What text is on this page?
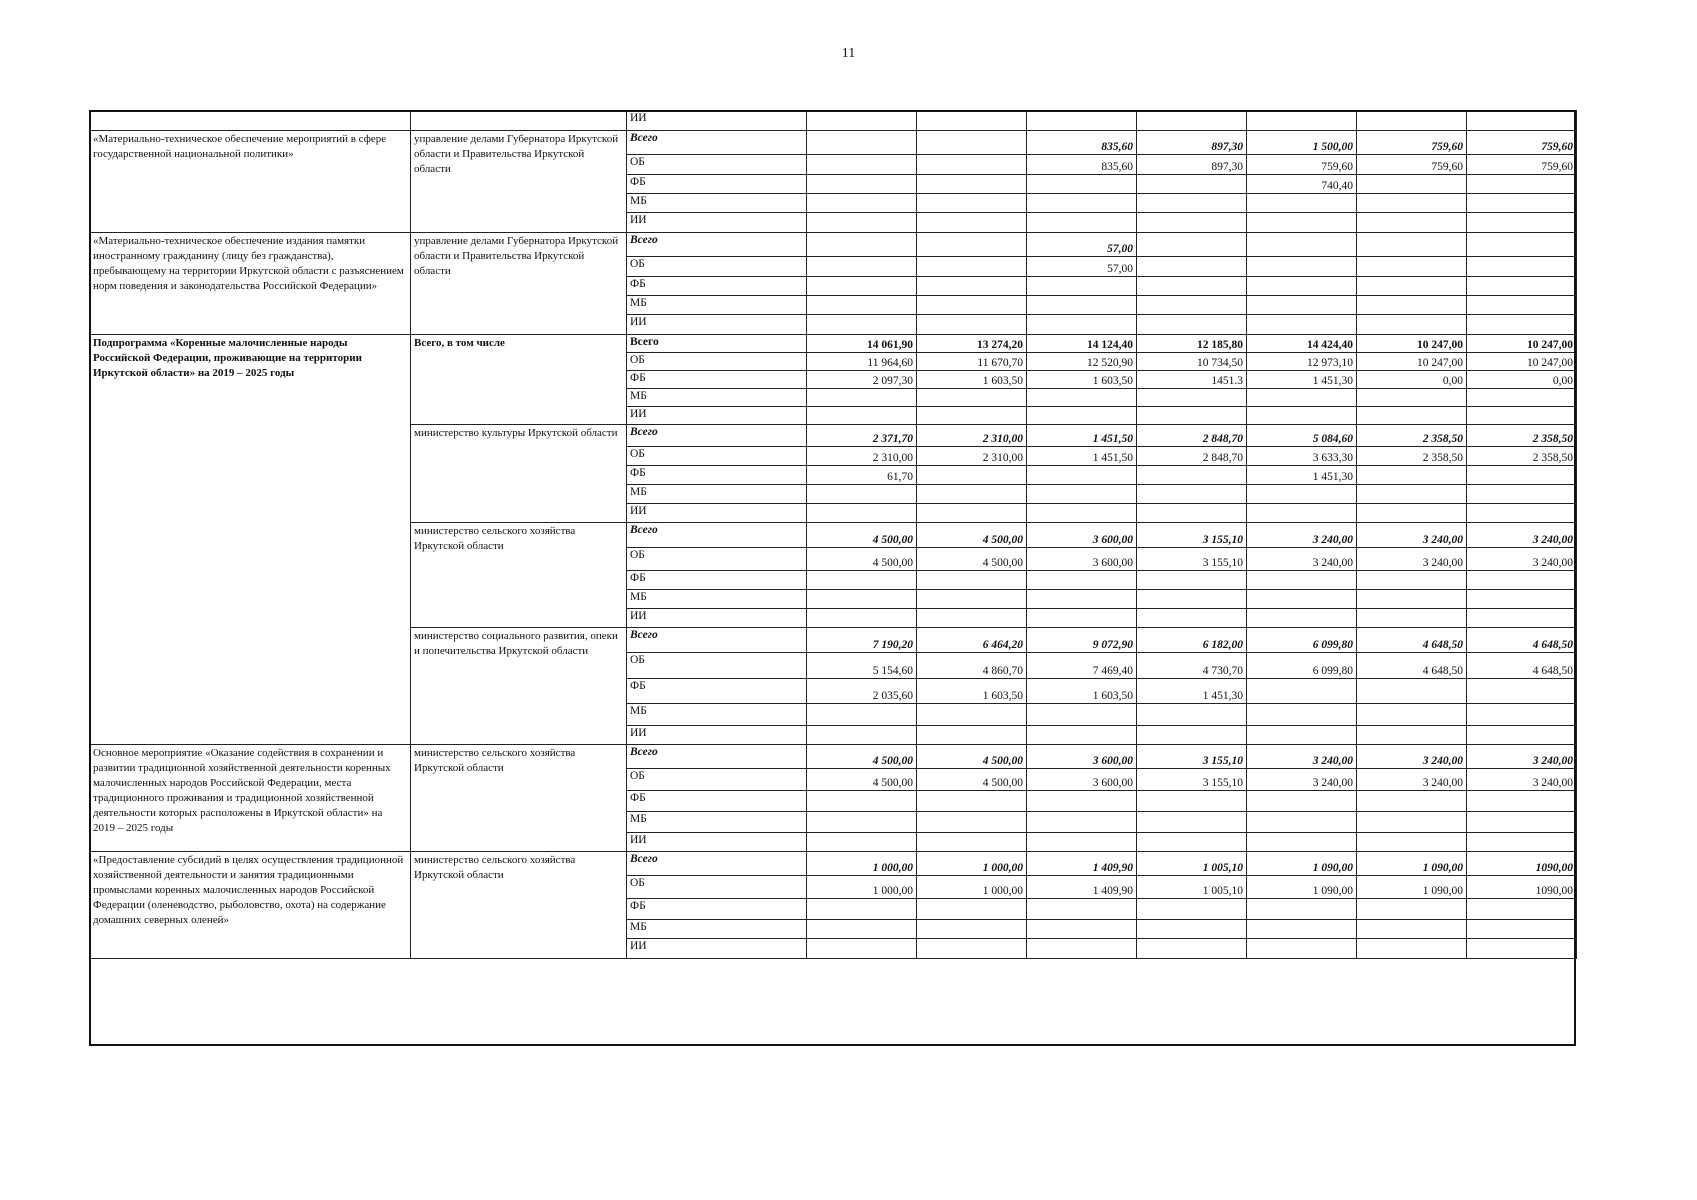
11
		ИИ							
«Материально-техническое обеспечение мероприятий в сфере государственной национальной политики»	управление делами Губернатора Иркутской области и Правительства Иркутской области	Всего			835,60	897,30	1 500,00	759,60	759,60
		ОБ			835,60	897,30	759,60	759,60	759,60
		ФБ					740,40		
		МБ							
		ИИ							
«Материально-техническое обеспечение издания памятки иностранному гражданину (лицу без гражданства), пребывающему на территории Иркутской области с разъяснением норм поведения и законодательства Российской Федерации»	управление делами Губернатора Иркутской области и Правительства Иркутской области	Всего			57,00				
		ОБ			57,00				
		ФБ							
		МБ							
		ИИ							
Подпрограмма «Коренные малочисленные народы Российской Федерации, проживающие на территории Иркутской области» на 2019 – 2025 годы	Всего, в том числе	Всего	14 061,90	13 274,20	14 124,40	12 185,80	14 424,40	10 247,00	10 247,00
		ОБ	11 964,60	11 670,70	12 520,90	10 734,50	12 973,10	10 247,00	10 247,00
		ФБ	2 097,30	1 603,50	1 603,50	1451.3	1 451,30	0,00	0,00
		МБ							
		ИИ							
	министерство культуры Иркутской области	Всего	2 371,70	2 310,00	1 451,50	2 848,70	5 084,60	2 358,50	2 358,50
		ОБ	2 310,00	2 310,00	1 451,50	2 848,70	3 633,30	2 358,50	2 358,50
		ФБ	61,70				1 451,30		
		МБ							
		ИИ							
	министерство сельского хозяйства Иркутской области	Всего	4 500,00	4 500,00	3 600,00	3 155,10	3 240,00	3 240,00	3 240,00
		ОБ	4 500,00	4 500,00	3 600,00	3 155,10	3 240,00	3 240,00	3 240,00
		ФБ							
		МБ							
		ИИ							
	министерство социального развития, опеки и попечительства Иркутской области	Всего	7 190,20	6 464,20	9 072,90	6 182,00	6 099,80	4 648,50	4 648,50
		ОБ	5 154,60	4 860,70	7 469,40	4 730,70	6 099,80	4 648,50	4 648,50
		ФБ	2 035,60	1 603,50	1 603,50	1 451,30			
		МБ							
		ИИ							
Основное мероприятие «Оказание содействия в сохранении и развитии традиционной хозяйственной деятельности коренных малочисленных народов Российской Федерации, места традиционного проживания и традиционной хозяйственной деятельности которых расположены в Иркутской области» на 2019 – 2025 годы	министерство сельского хозяйства Иркутской области	Всего	4 500,00	4 500,00	3 600,00	3 155,10	3 240,00	3 240,00	3 240,00
		ОБ	4 500,00	4 500,00	3 600,00	3 155,10	3 240,00	3 240,00	3 240,00
		ФБ							
		МБ							
		ИИ							
«Предоставление субсидий в целях осуществления традиционной хозяйственной деятельности и занятия традиционными промыслами коренных малочисленных народов Российской Федерации (оленеводство, рыболовство, охота) на содержание домашних северных оленей»	министерство сельского хозяйства Иркутской области	Всего	1 000,00	1 000,00	1 409,90	1 005,10	1 090,00	1 090,00	1090,00
		ОБ	1 000,00	1 000,00	1 409,90	1 005,10	1 090,00	1 090,00	1090,00
		ФБ							
		МБ							
		ИИ							
